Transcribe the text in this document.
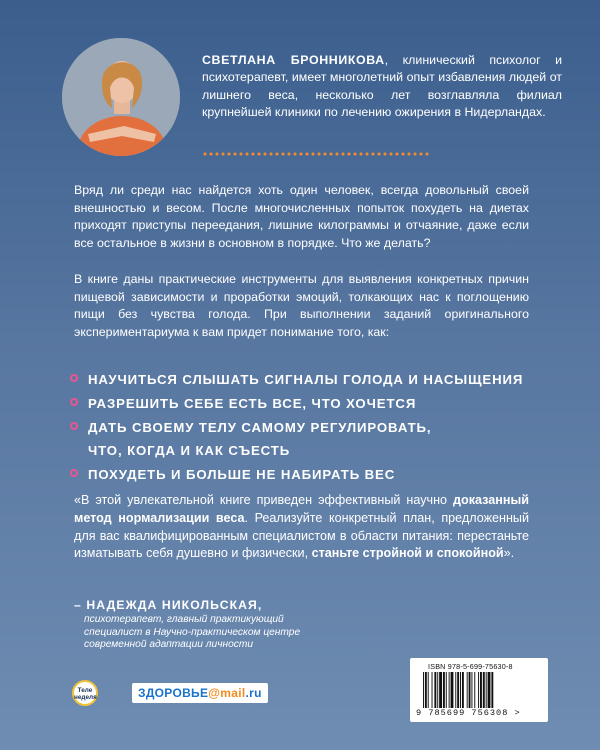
СВЕТЛАНА БРОННИКОВА, клинический психолог и психотерапевт, имеет многолетний опыт избавления людей от лишнего веса, несколько лет возглавляла филиал крупнейшей клиники по лечению ожирения в Нидерландах.
Вряд ли среди нас найдется хоть один человек, всегда довольный своей внешностью и весом. После многочисленных попыток похудеть на диетах приходят приступы переедания, лишние килограммы и отчаяние, даже если все остальное в жизни в основном в порядке. Что же делать?
В книге даны практические инструменты для выявления конкретных причин пищевой зависимости и проработки эмоций, толкающих нас к поглощению пищи без чувства голода. При выполнении заданий оригинального экспериментариума к вам придет понимание того, как:
НАУЧИТЬСЯ СЛЫШАТЬ СИГНАЛЫ ГОЛОДА И НАСЫЩЕНИЯ
РАЗРЕШИТЬ СЕБЕ ЕСТЬ ВСЕ, ЧТО ХОЧЕТСЯ
ДАТЬ СВОЕМУ ТЕЛУ САМОМУ РЕГУЛИРОВАТЬ,
ЧТО, КОГДА И КАК СЪЕСТЬ
ПОХУДЕТЬ И БОЛЬШЕ НЕ НАБИРАТЬ ВЕС
«В этой увлекательной книге приведен эффективный научно доказанный метод нормализации веса. Реализуйте конкретный план, предложенный для вас квалифицированным специалистом в области питания: перестаньте изматывать себя душевно и физически, станьте стройной и спокойной».
– НАДЕЖДА НИКОЛЬСКАЯ,
психотерапевт, главный практикующий специалист в Научно-практическом центре современной адаптации личности
Теле
неделя	ЗДОРОВЬЕ@mail.ru
ISBN 978-5-699-75630-8
9 785699 756308 >
